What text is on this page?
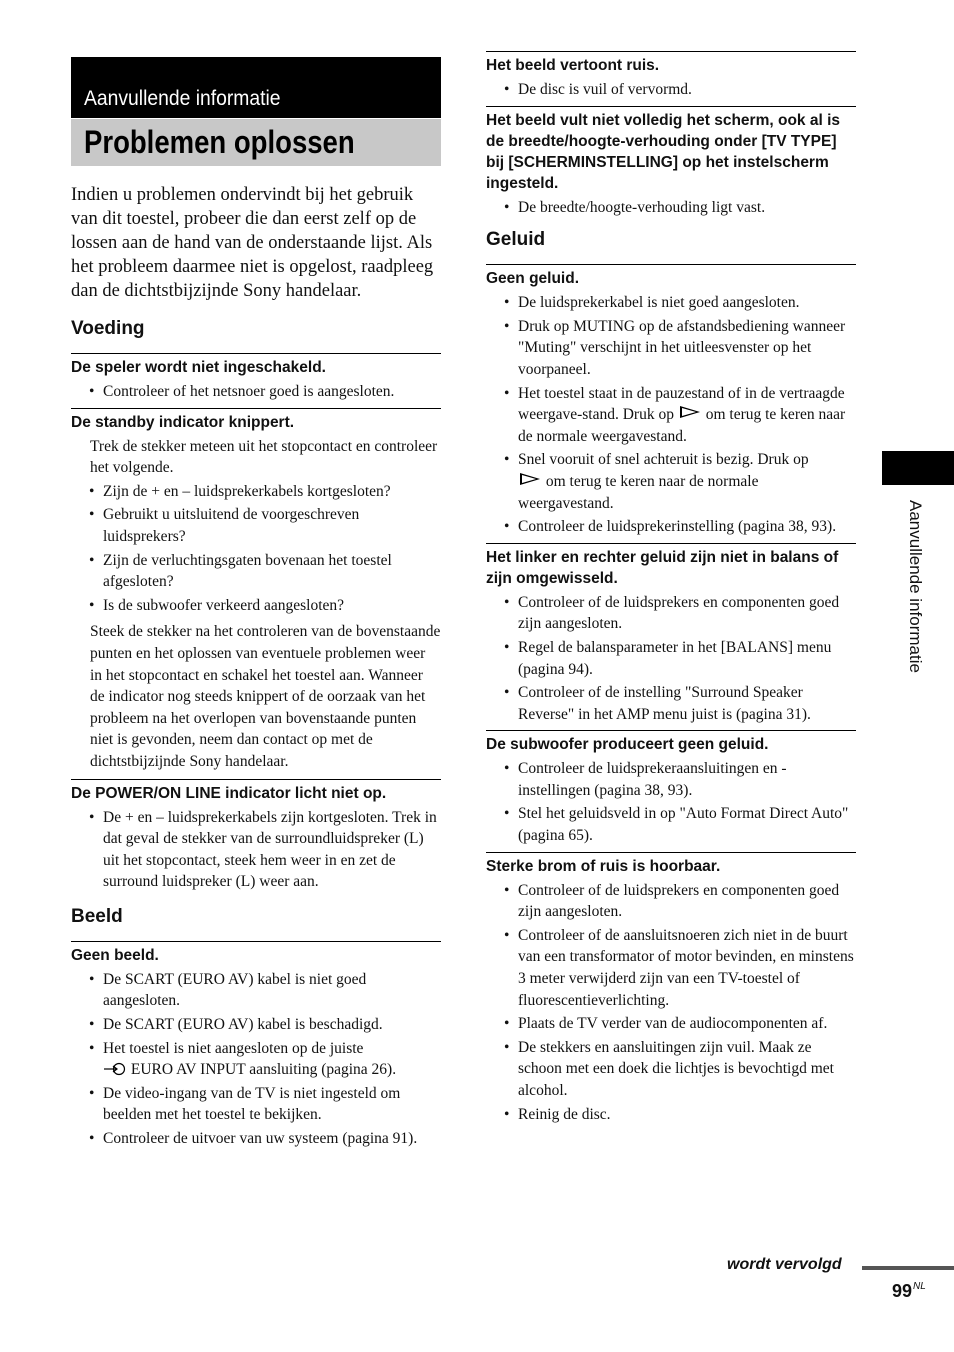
Aanvullende informatie
Problemen oplossen

Indien u problemen ondervindt bij het gebruik van dit toestel, probeer die dan eerst zelf op de lossen aan de hand van de onderstaande lijst. Als het probleem daarmee niet is opgelost, raadpleeg dan de dichtstbijzijnde Sony handelaar.

Voeding
De speler wordt niet ingeschakeld.
• Controleer of het netsnoer goed is aangesloten.
De standby indicator knippert.

Trek de stekker meteen uit het stopcontact en controleer het volgende.

• Zijn de + en – luidsprekerkabels kortgesloten?
• Gebruikt u uitsluitend de voorgeschreven luidsprekers?
• Zijn de verluchtingsgaten bovenaan het toestel afgesloten?
• Is de subwoofer verkeerd aangesloten?

Steek de stekker na het controleren van de bovenstaande punten en het oplossen van eventuele problemen weer in het stopcontact en schakel het toestel aan. Wanneer de indicator nog steeds knippert of de oorzaak van het probleem na het overlopen van bovenstaande punten niet is gevonden, neem dan contact op met de dichtstbijzijnde Sony handelaar.

De POWER/ON LINE indicator licht niet op.
• De + en – luidsprekerkabels zijn kortgesloten. Trek in dat geval de stekker van de surroundluidspreker (L) uit het stopcontact, steek hem weer in en zet de surround luidspreker (L) weer aan.
Beeld
Geen beeld.
• De SCART (EURO AV) kabel is niet goed aangesloten.
• De SCART (EURO AV) kabel is beschadigd.
• Het toestel is niet aangesloten op de juiste
EURO AV INPUT aansluiting (pagina 26).
• De video-ingang van de TV is niet ingesteld om beelden met het toestel te bekijken.
• Controleer de uitvoer van uw systeem (pagina 91).
Het beeld vertoont ruis.
• De disc is vuil of vervormd.
Het beeld vult niet volledig het scherm, ook al is de breedte/hoogte-verhouding onder [TV TYPE] bij [SCHERMINSTELLING] op het instelscherm ingesteld.
• De breedte/hoogte-verhouding ligt vast.
Geluid
Geen geluid.
• De luidsprekerkabel is niet goed aangesloten.
• Druk op MUTING op de afstandsbediening wanneer "Muting" verschijnt in het uitleesvenster op het voorpaneel.
• Het toestel staat in de pauzestand of in de vertraagde weergave-stand. Druk op om terug te keren naar de normale weergavestand.
• Snel vooruit of snel achteruit is bezig. Druk op
om terug te keren naar de normale weergavestand.
• Controleer de luidsprekerinstelling (pagina 38, 93).
Het linker en rechter geluid zijn niet in balans of zijn omgewisseld.
• Controleer of de luidsprekers en componenten goed zijn aangesloten.
• Regel de balansparameter in het [BALANS] menu (pagina 94).
• Controleer of de instelling "Surround Speaker Reverse" in het AMP menu juist is (pagina 31).
De subwoofer produceert geen geluid.
• Controleer de luidsprekeraansluitingen en -instellingen (pagina 38, 93).
• Stel het geluidsveld in op "Auto Format Direct Auto" (pagina 65).
Sterke brom of ruis is hoorbaar.
• Controleer of de luidsprekers en componenten goed zijn aangesloten.
• Controleer of de aansluitsnoeren zich niet in de buurt van een transformator of motor bevinden, en minstens 3 meter verwijderd zijn van een TV-toestel of fluorescentieverlichting.
• Plaats de TV verder van de audiocomponenten af.
• De stekkers en aansluitingen zijn vuil. Maak ze schoon met een doek die lichtjes is bevochtigd met alcohol.
• Reinig de disc.
Aanvullende informatie
wordt vervolgd
$99^{NL}$
